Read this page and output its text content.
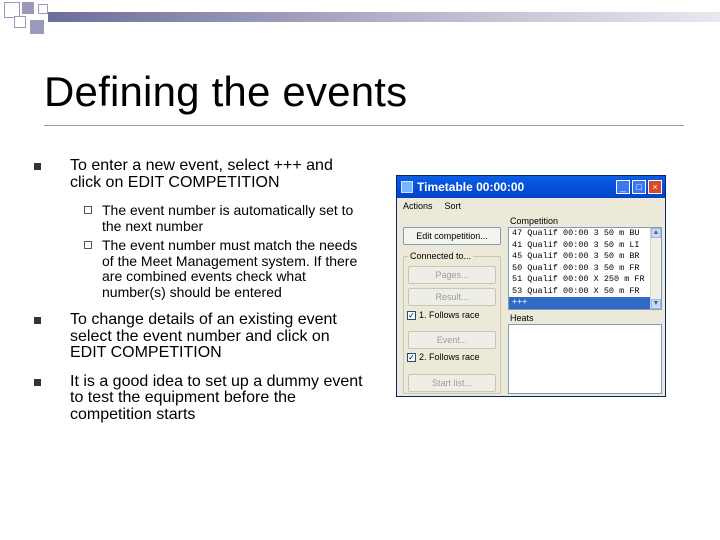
Defining the events
To enter a new event, select +++ and click on EDIT COMPETITION
The event number is automatically set to the next number
The event number must match the needs of the Meet Management system. If there are combined events check what number(s) should be entered
To change details of an existing event select the event number and click on EDIT COMPETITION
It is a good idea to set up a dummy event to test the equipment before the competition starts
Timetable 00:00:00	_	□	×
Actions Sort
Edit competition...
Connected to...
Pages...
Result...
✓ 1. Follows race
Event...
✓ 2. Follows race
Start list...
Competition
47 Qualif 00:00 3 50 m BU
41 Qualif 00:00 3 50 m LI
45 Qualif 00:00 3 50 m BR
50 Qualif 00:00 3 50 m FR
51 Qualif 00:00 X 250 m FR
53 Qualif 00:00 X 50 m FR
+++
▲
▼
Heats
